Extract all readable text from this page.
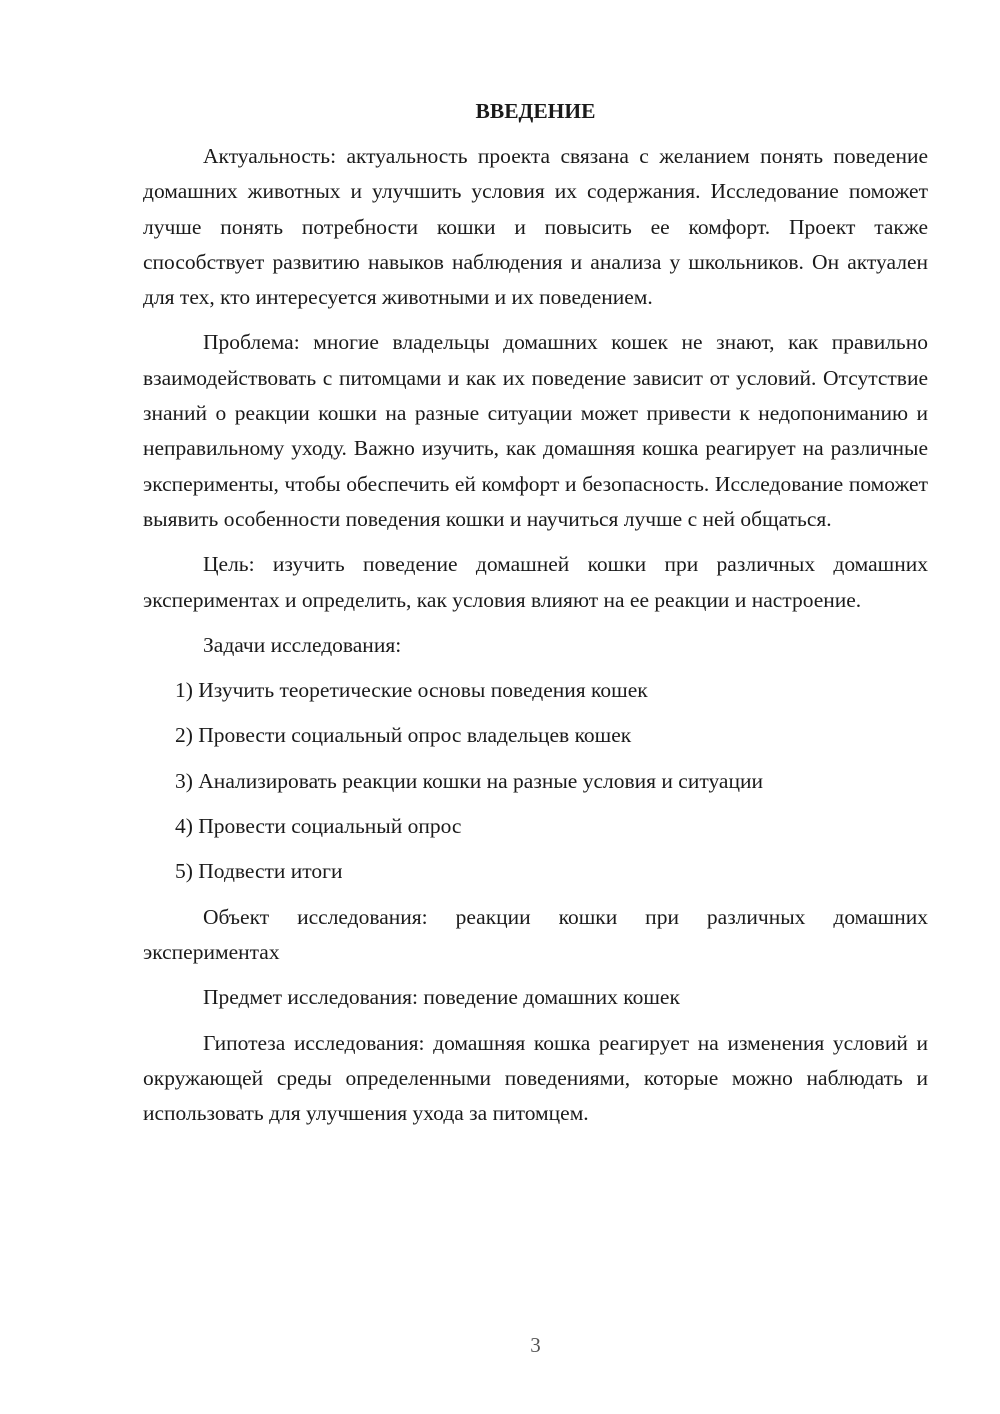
ВВЕДЕНИЕ

Актуальность: актуальность проекта связана с желанием понять поведение домашних животных и улучшить условия их содержания. Исследование поможет лучше понять потребности кошки и повысить ее комфорт. Проект также способствует развитию навыков наблюдения и анализа у школьников. Он актуален для тех, кто интересуется животными и их поведением.

Проблема: многие владельцы домашних кошек не знают, как правильно взаимодействовать с питомцами и как их поведение зависит от условий. Отсутствие знаний о реакции кошки на разные ситуации может привести к недопониманию и неправильному уходу. Важно изучить, как домашняя кошка реагирует на различные эксперименты, чтобы обеспечить ей комфорт и безопасность. Исследование поможет выявить особенности поведения кошки и научиться лучше с ней общаться.

Цель: изучить поведение домашней кошки при различных домашних экспериментах и определить, как условия влияют на ее реакции и настроение.

Задачи исследования:

1) Изучить теоретические основы поведения кошек

2) Провести социальный опрос владельцев кошек

3) Анализировать реакции кошки на разные условия и ситуации

4) Провести социальный опрос

5) Подвести итоги

Объект исследования: реакции кошки при различных домашних экспериментах

Предмет исследования: поведение домашних кошек

Гипотеза исследования: домашняя кошка реагирует на изменения условий и окружающей среды определенными поведениями, которые можно наблюдать и использовать для улучшения ухода за питомцем.

3
